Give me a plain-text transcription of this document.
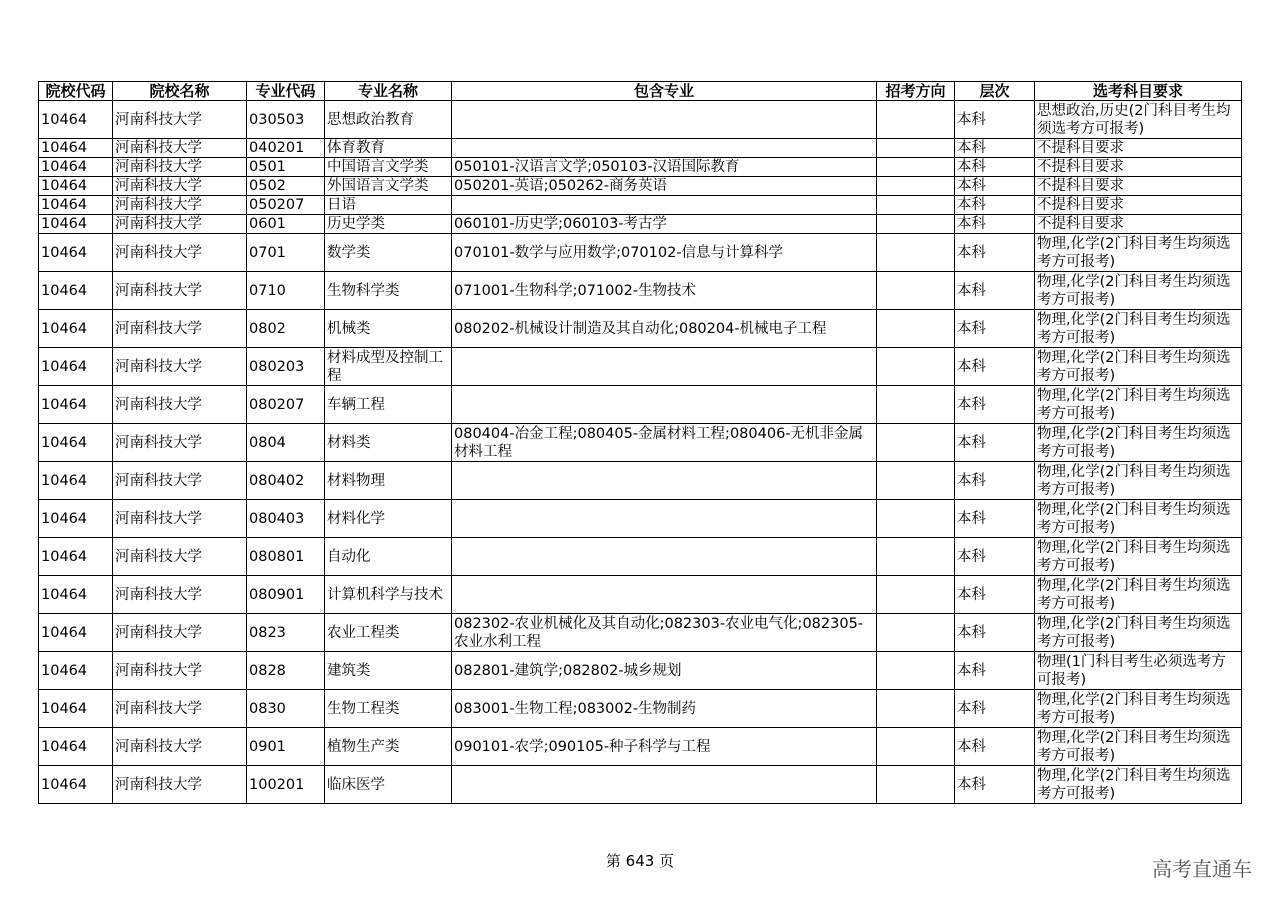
院校代码	院校名称	专业代码	专业名称	包含专业	招考方向	层次	选考科目要求
10464	河南科技大学	030503	思想政治教育			本科	思想政治,历史(2门科目考生均须选考方可报考)
10464	河南科技大学	040201	体育教育			本科	不提科目要求
10464	河南科技大学	0501	中国语言文学类	050101-汉语言文学;050103-汉语国际教育		本科	不提科目要求
10464	河南科技大学	0502	外国语言文学类	050201-英语;050262-商务英语		本科	不提科目要求
10464	河南科技大学	050207	日语			本科	不提科目要求
10464	河南科技大学	0601	历史学类	060101-历史学;060103-考古学		本科	不提科目要求
10464	河南科技大学	0701	数学类	070101-数学与应用数学;070102-信息与计算科学		本科	物理,化学(2门科目考生均须选考方可报考)
10464	河南科技大学	0710	生物科学类	071001-生物科学;071002-生物技术		本科	物理,化学(2门科目考生均须选考方可报考)
10464	河南科技大学	0802	机械类	080202-机械设计制造及其自动化;080204-机械电子工程		本科	物理,化学(2门科目考生均须选考方可报考)
10464	河南科技大学	080203	材料成型及控制工程			本科	物理,化学(2门科目考生均须选考方可报考)
10464	河南科技大学	080207	车辆工程			本科	物理,化学(2门科目考生均须选考方可报考)
10464	河南科技大学	0804	材料类	080404-冶金工程;080405-金属材料工程;080406-无机非金属材料工程		本科	物理,化学(2门科目考生均须选考方可报考)
10464	河南科技大学	080402	材料物理			本科	物理,化学(2门科目考生均须选考方可报考)
10464	河南科技大学	080403	材料化学			本科	物理,化学(2门科目考生均须选考方可报考)
10464	河南科技大学	080801	自动化			本科	物理,化学(2门科目考生均须选考方可报考)
10464	河南科技大学	080901	计算机科学与技术			本科	物理,化学(2门科目考生均须选考方可报考)
10464	河南科技大学	0823	农业工程类	082302-农业机械化及其自动化;082303-农业电气化;082305-农业水利工程		本科	物理,化学(2门科目考生均须选考方可报考)
10464	河南科技大学	0828	建筑类	082801-建筑学;082802-城乡规划		本科	物理(1门科目考生必须选考方可报考)
10464	河南科技大学	0830	生物工程类	083001-生物工程;083002-生物制药		本科	物理,化学(2门科目考生均须选考方可报考)
10464	河南科技大学	0901	植物生产类	090101-农学;090105-种子科学与工程		本科	物理,化学(2门科目考生均须选考方可报考)
10464	河南科技大学	100201	临床医学			本科	物理,化学(2门科目考生均须选考方可报考)
第 643 页	高考直通车
